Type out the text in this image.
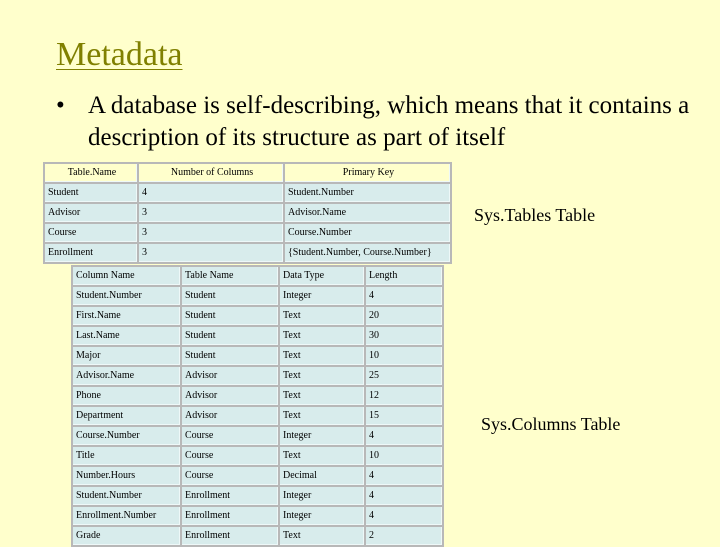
Metadata
• A database is self-describing, which means that it contains a description of its structure as part of itself
Table.Name	Number of Columns	Primary Key
Student	4	Student.Number
Advisor	3	Advisor.Name
Course	3	Course.Number
Enrollment	3	{Student.Number, Course.Number}
Sys.Tables Table
Column Name	Table Name	Data Type	Length
Student.Number	Student	Integer	4
First.Name	Student	Text	20
Last.Name	Student	Text	30
Major	Student	Text	10
Advisor.Name	Advisor	Text	25
Phone	Advisor	Text	12
Department	Advisor	Text	15
Course.Number	Course	Integer	4
Title	Course	Text	10
Number.Hours	Course	Decimal	4
Student.Number	Enrollment	Integer	4
Enrollment.Number	Enrollment	Integer	4
Grade	Enrollment	Text	2
Sys.Columns Table
